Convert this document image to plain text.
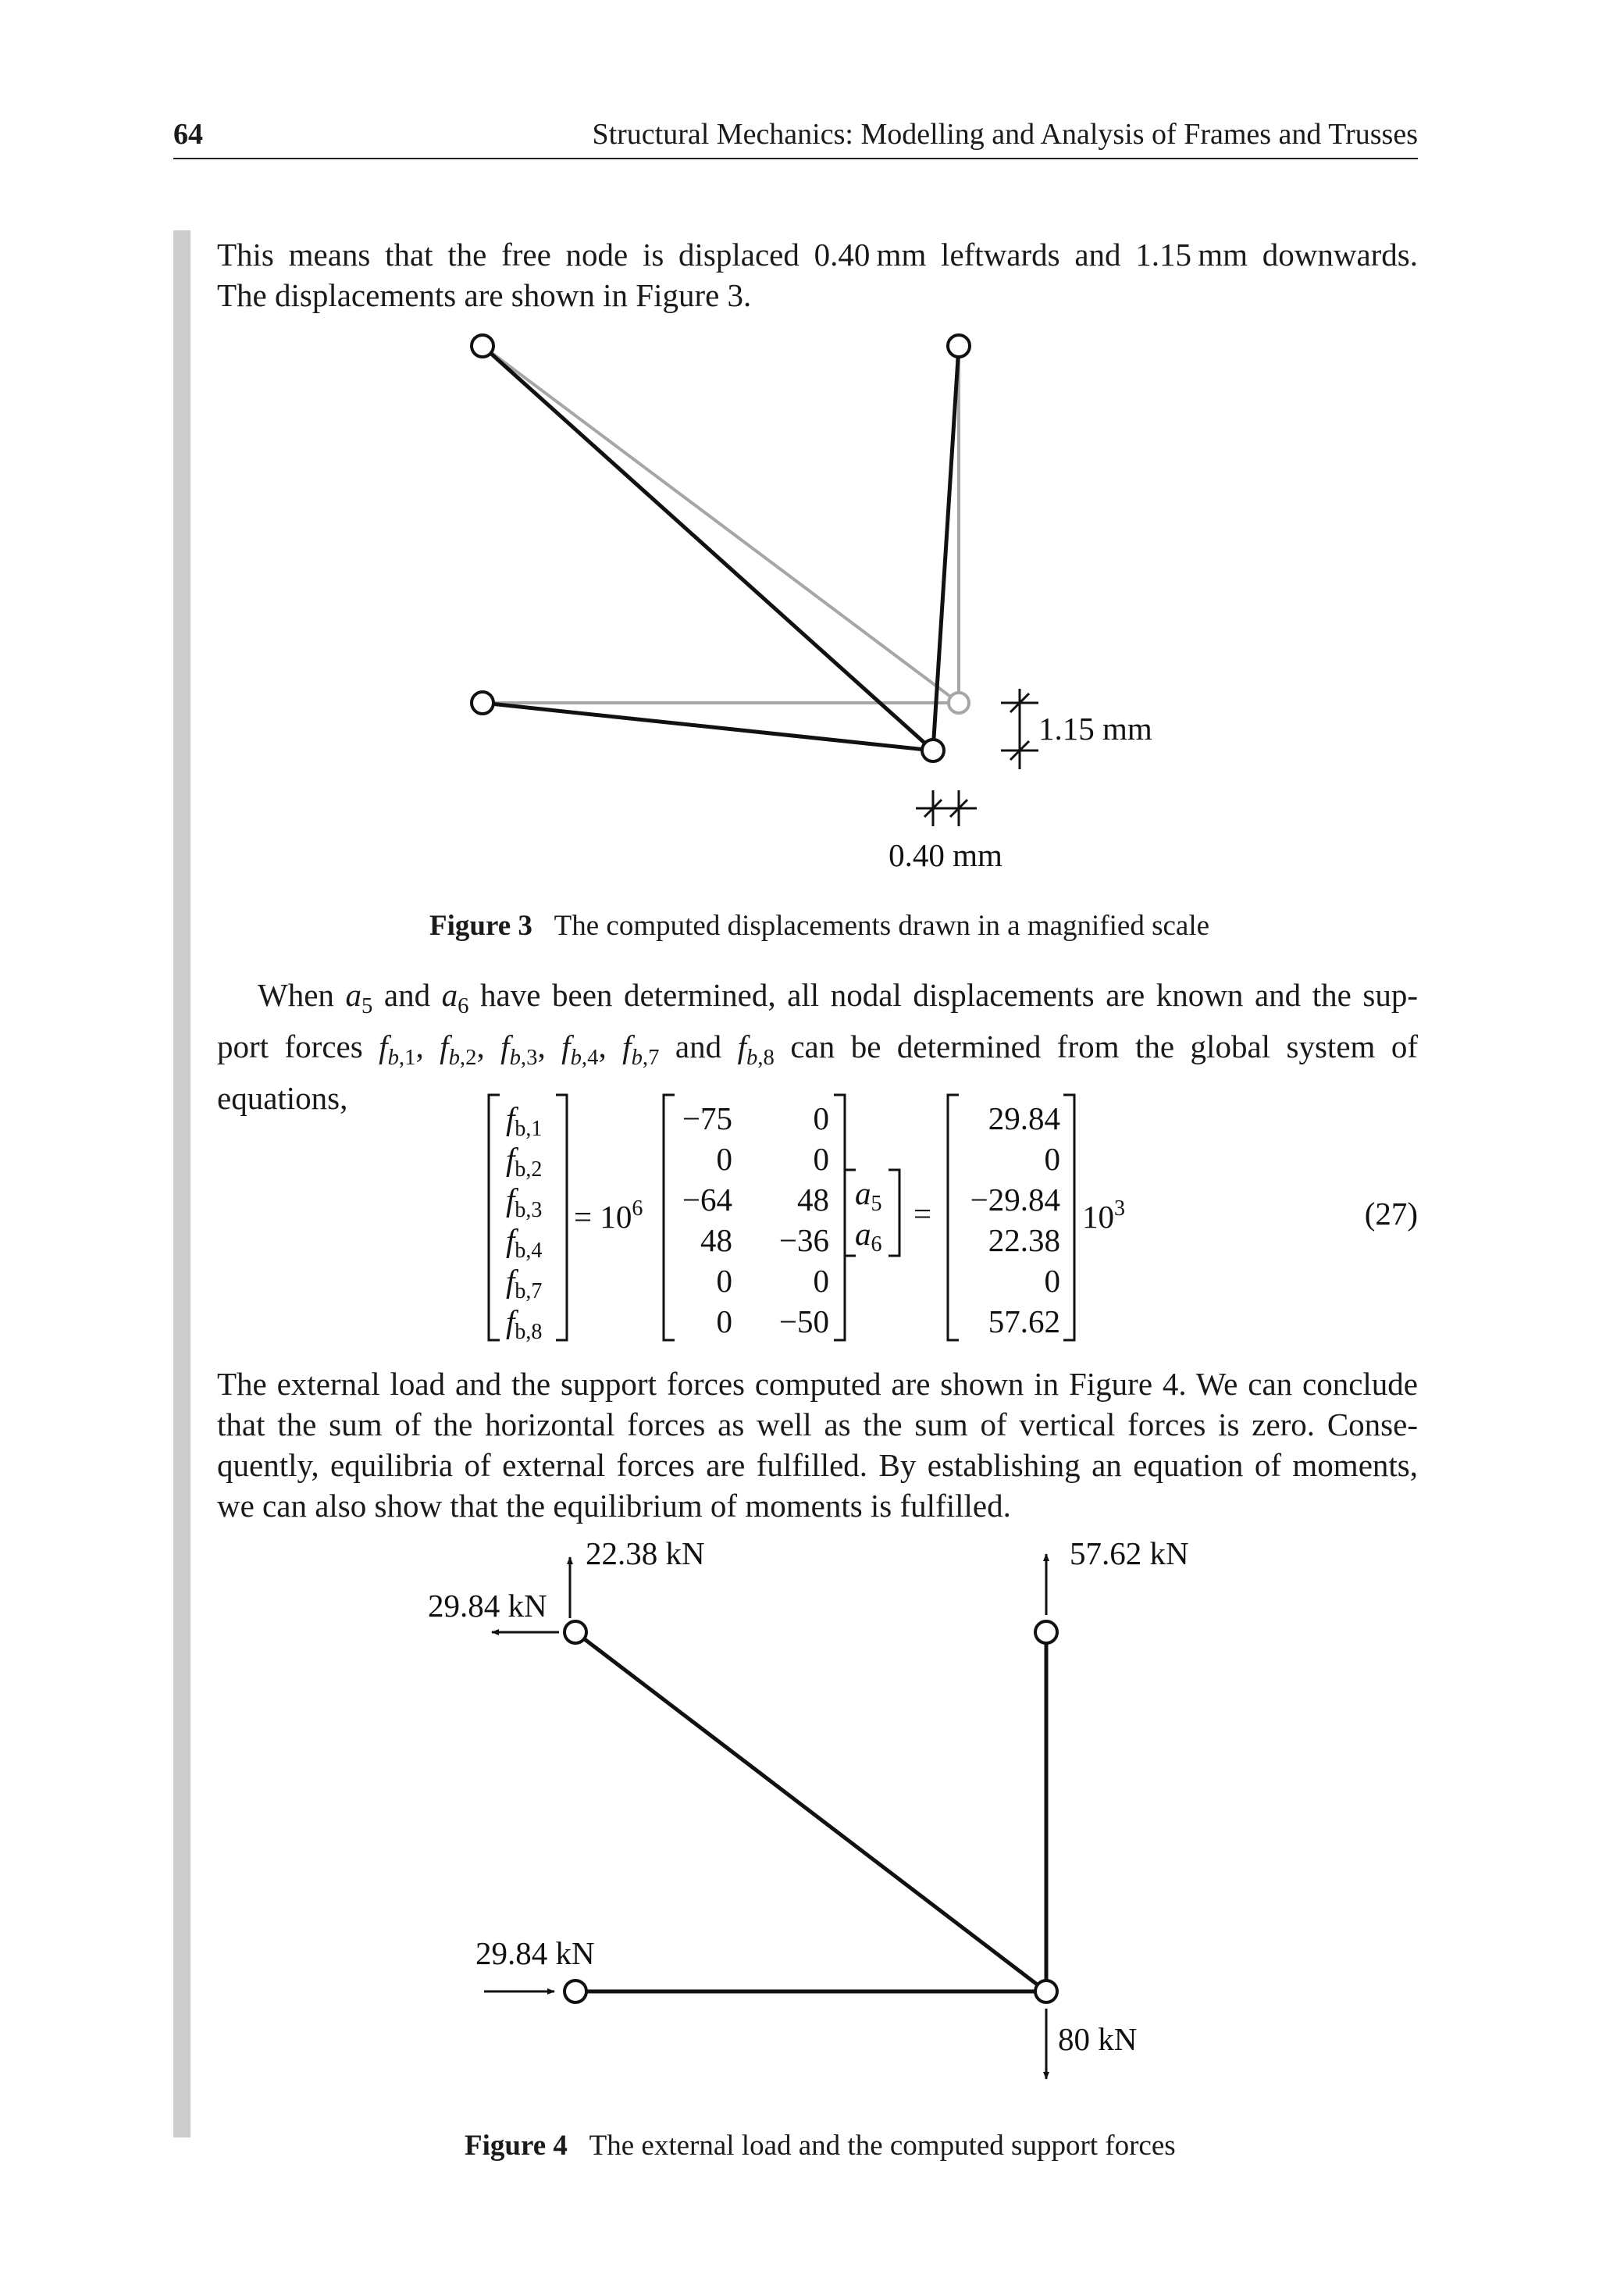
64	Structural Mechanics: Modelling and Analysis of Frames and Trusses
This means that the free node is displaced 0.40 mm leftwards and 1.15 mm downwards.
The displacements are shown in Figure 3.
1.15 mm
0.40 mm
Figure 3 The computed displacements drawn in a magnified scale
When $a_5$ and $a_6$ have been determined, all nodal displacements are known and the sup-
port forces $f_{b,1}$, $f_{b,2}$, $f_{b,3}$, $f_{b,4}$, $f_{b,7}$ and $f_{b,8}$ can be determined from the global system of
equations,
fb,1
fb,2
fb,3
fb,4
fb,7
fb,8
= $10^6$
−75
0
−64
48
0
0
0
0
48
−36
0
−50
a5
a6
=
29.84
0
−29.84
22.38
0
57.62
$10^3$	(27)
The external load and the support forces computed are shown in Figure 4. We can conclude
that the sum of the horizontal forces as well as the sum of vertical forces is zero. Conse-
quently, equilibria of external forces are fulfilled. By establishing an equation of moments,
we can also show that the equilibrium of moments is fulfilled.
22.38 kN
29.84 kN
57.62 kN
29.84 kN
80 kN
Figure 4 The external load and the computed support forces
